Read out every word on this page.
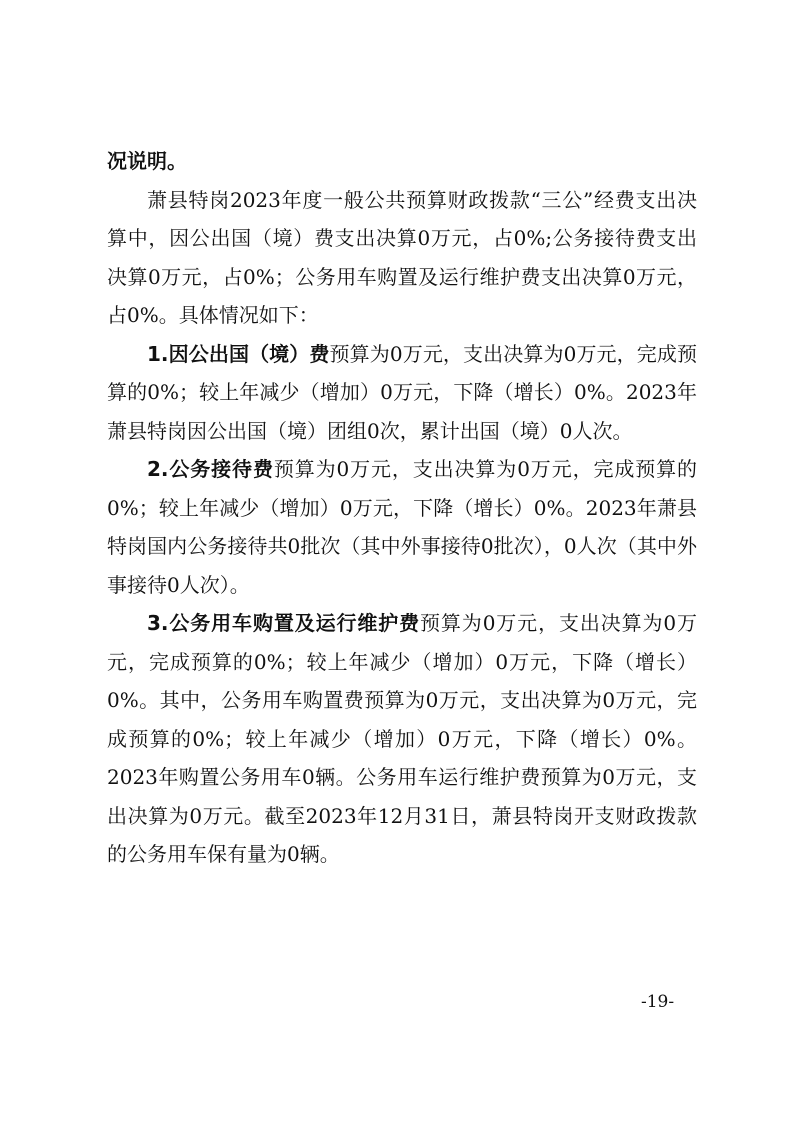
况说明。

萧县特岗2023年度一般公共预算财政拨款“三公”经费支出决算中，因公出国（境）费支出决算0万元，占0%;公务接待费支出决算0万元，占0%；公务用车购置及运行维护费支出决算0万元，占0%。具体情况如下：

1.因公出国（境）费预算为0万元，支出决算为0万元，完成预算的0%；较上年减少（增加）0万元，下降（增长）0%。2023年萧县特岗因公出国（境）团组0次，累计出国（境）0人次。

2.公务接待费预算为0万元，支出决算为0万元，完成预算的0%；较上年减少（增加）0万元，下降（增长）0%。2023年萧县特岗国内公务接待共0批次（其中外事接待0批次），0人次（其中外事接待0人次）。

3.公务用车购置及运行维护费预算为0万元，支出决算为0万元，完成预算的0%；较上年减少（增加）0万元，下降（增长）0%。其中，公务用车购置费预算为0万元，支出决算为0万元，完成预算的0%；较上年减少（增加）0万元，下降（增长）0%。2023年购置公务用车0辆。公务用车运行维护费预算为0万元，支出决算为0万元。截至2023年12月31日，萧县特岗开支财政拨款的公务用车保有量为0辆。

-19-
